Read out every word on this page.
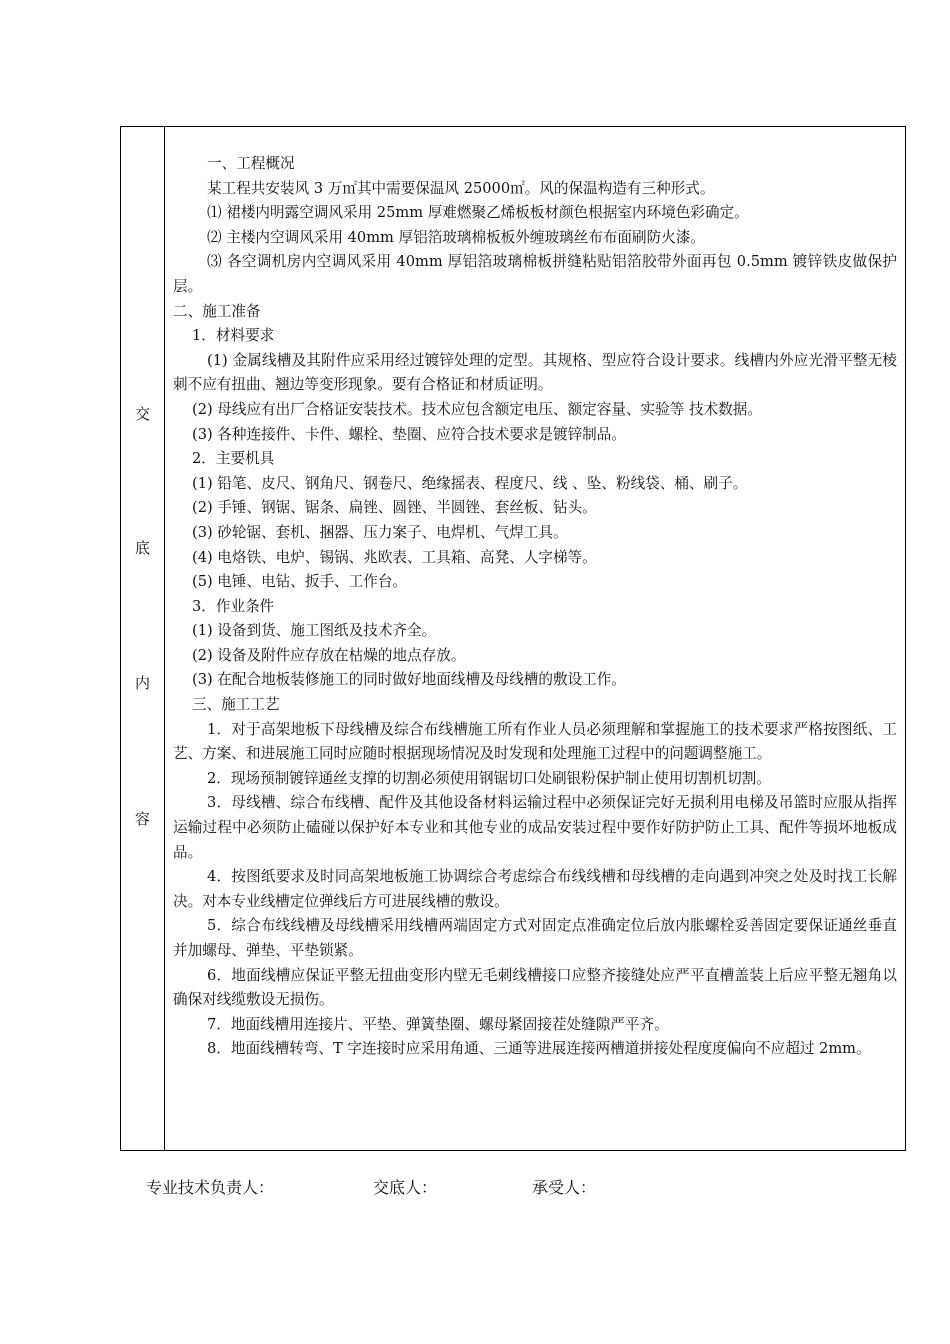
交
底
内
容

一、工程概况

某工程共安装风 3 万㎡其中需要保温风 25000㎡。风的保温构造有三种形式。

⑴ 裙楼内明露空调风采用 25mm 厚难燃聚乙烯板板材颜色根据室内环境色彩确定。

⑵ 主楼内空调风采用 40mm 厚铝箔玻璃棉板板外缠玻璃丝布布面刷防火漆。

⑶ 各空调机房内空调风采用 40mm 厚铝箔玻璃棉板拼缝粘贴铝箔胶带外面再包 0.5mm 镀锌铁皮做保护层。

二、施工准备

1．材料要求

(1) 金属线槽及其附件应采用经过镀锌处理的定型。其规格、型应符合设计要求。线槽内外应光滑平整无棱刺不应有扭曲、翘边等变形现象。要有合格证和材质证明。

(2) 母线应有出厂合格证安装技术。技术应包含额定电压、额定容量、实验等 技术数据。

(3) 各种连接件、卡件、螺栓、垫圈、应符合技术要求是镀锌制品。

2．主要机具

(1) 铅笔、皮尺、钢角尺、钢卷尺、绝缘摇表、程度尺、线 、坠、粉线袋、桶、刷子。

(2) 手锤、钢锯、锯条、扁锉、圆锉、半圆锉、套丝板、钻头。

(3) 砂轮锯、套机、捆器、压力案子、电焊机、气焊工具。

(4) 电烙铁、电炉、锡锅、兆欧表、工具箱、高凳、人字梯等。

(5) 电锤、电钻、扳手、工作台。

3．作业条件

(1) 设备到货、施工图纸及技术齐全。

(2) 设备及附件应存放在枯燥的地点存放。

(3) 在配合地板装修施工的同时做好地面线槽及母线槽的敷设工作。

三、施工工艺

1．对于高架地板下母线槽及综合布线槽施工所有作业人员必须理解和掌握施工的技术要求严格按图纸、工艺、方案、和进展施工同时应随时根据现场情况及时发现和处理施工过程中的问题调整施工。

2．现场预制镀锌通丝支撑的切割必须使用钢锯切口处刷银粉保护制止使用切割机切割。

3．母线槽、综合布线槽、配件及其他设备材料运输过程中必须保证完好无损利用电梯及吊篮时应服从指挥运输过程中必须防止磕碰以保护好本专业和其他专业的成品安装过程中要作好防护防止工具、配件等损坏地板成品。

4．按图纸要求及时同高架地板施工协调综合考虑综合布线线槽和母线槽的走向遇到冲突之处及时找工长解决。对本专业线槽定位弹线后方可进展线槽的敷设。

5．综合布线线槽及母线槽采用线槽两端固定方式对固定点准确定位后放内胀螺栓妥善固定要保证通丝垂直并加螺母、弹垫、平垫锁紧。

6．地面线槽应保证平整无扭曲变形内壁无毛刺线槽接口应整齐接缝处应严平直槽盖装上后应平整无翘角以确保对线缆敷设无损伤。

7．地面线槽用连接片、平垫、弹簧垫圈、螺母紧固接茬处缝隙严平齐。

8．地面线槽转弯、T 字连接时应采用角通、三通等进展连接两槽道拼接处程度度偏向不应超过 2mm。

专业技术负责人：	交底人：	承受人：
